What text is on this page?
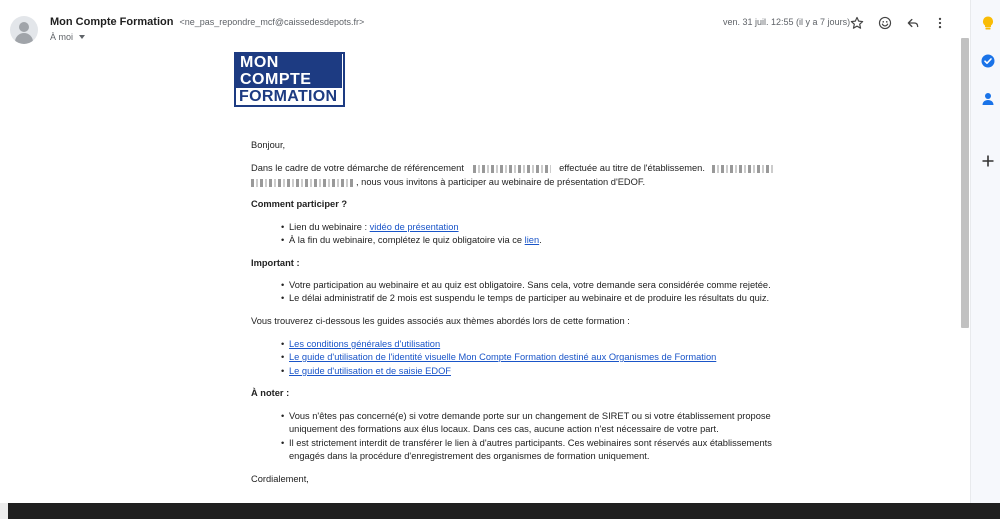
Mon Compte Formation <ne_pas_repondre_mcf@caissedesdepots.fr>
À moi
ven. 31 juil. 12:55 (il y a 7 jours)
MON
COMPTE
FORMATION
Bonjour,
Dans le cadre de votre démarche de référencement	effectuée au titre de l'établissemen.
, nous vous invitons à participer au webinaire de présentation d'EDOF.
Comment participer ?
• Lien du webinaire : vidéo de présentation
• À la fin du webinaire, complétez le quiz obligatoire via ce lien.
Important :
• Votre participation au webinaire et au quiz est obligatoire. Sans cela, votre demande sera considérée comme rejetée.
• Le délai administratif de 2 mois est suspendu le temps de participer au webinaire et de produire les résultats du quiz.
Vous trouverez ci-dessous les guides associés aux thèmes abordés lors de cette formation :
• Les conditions générales d'utilisation
• Le guide d'utilisation de l'identité visuelle Mon Compte Formation destiné aux Organismes de Formation
• Le guide d'utilisation et de saisie EDOF
À noter :
• Vous n'êtes pas concerné(e) si votre demande porte sur un changement de SIRET ou si votre établissement propose
uniquement des formations aux élus locaux. Dans ces cas, aucune action n'est nécessaire de votre part.
• Il est strictement interdit de transférer le lien à d'autres participants. Ces webinaires sont réservés aux établissements
engagés dans la procédure d'enregistrement des organismes de formation uniquement.
Cordialement,
